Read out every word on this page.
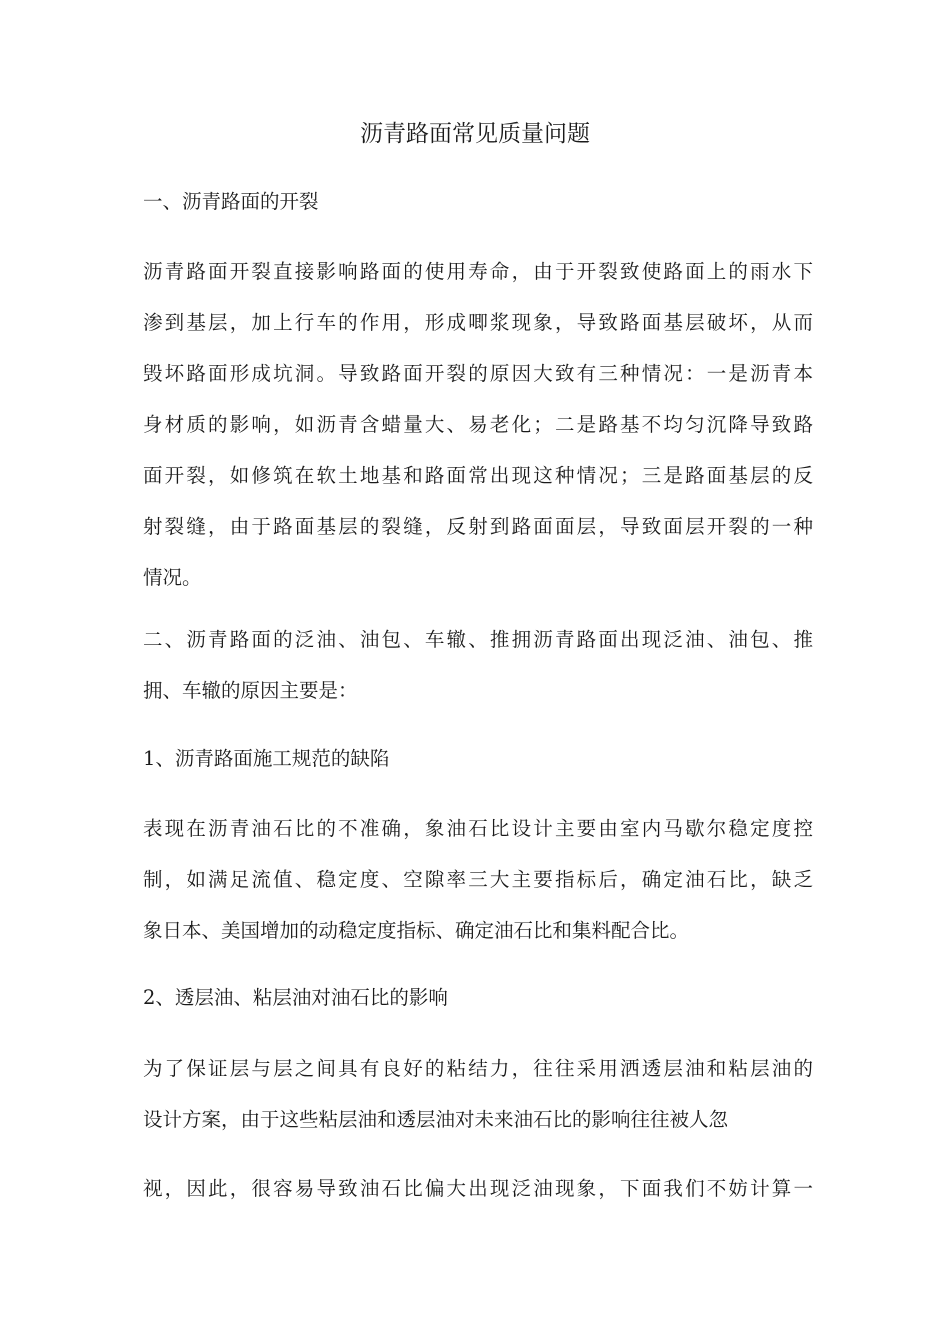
沥青路面常见质量问题
一、沥青路面的开裂
沥青路面开裂直接影响路面的使用寿命，由于开裂致使路面上的雨水下
渗到基层，加上行车的作用，形成唧浆现象，导致路面基层破坏，从而
毁坏路面形成坑洞。导致路面开裂的原因大致有三种情况：一是沥青本
身材质的影响，如沥青含蜡量大、易老化；二是路基不均匀沉降导致路
面开裂，如修筑在软土地基和路面常出现这种情况；三是路面基层的反
射裂缝，由于路面基层的裂缝，反射到路面面层，导致面层开裂的一种
情况。
二、沥青路面的泛油、油包、车辙、推拥沥青路面出现泛油、油包、推
拥、车辙的原因主要是：
1、沥青路面施工规范的缺陷
表现在沥青油石比的不准确，象油石比设计主要由室内马歇尔稳定度控
制，如满足流值、稳定度、空隙率三大主要指标后，确定油石比，缺乏
象日本、美国增加的动稳定度指标、确定油石比和集料配合比。
2、透层油、粘层油对油石比的影响
为了保证层与层之间具有良好的粘结力，往往采用洒透层油和粘层油的
设计方案，由于这些粘层油和透层油对未来油石比的影响往往被人忽
视，因此，很容易导致油石比偏大出现泛油现象，下面我们不妨计算一
